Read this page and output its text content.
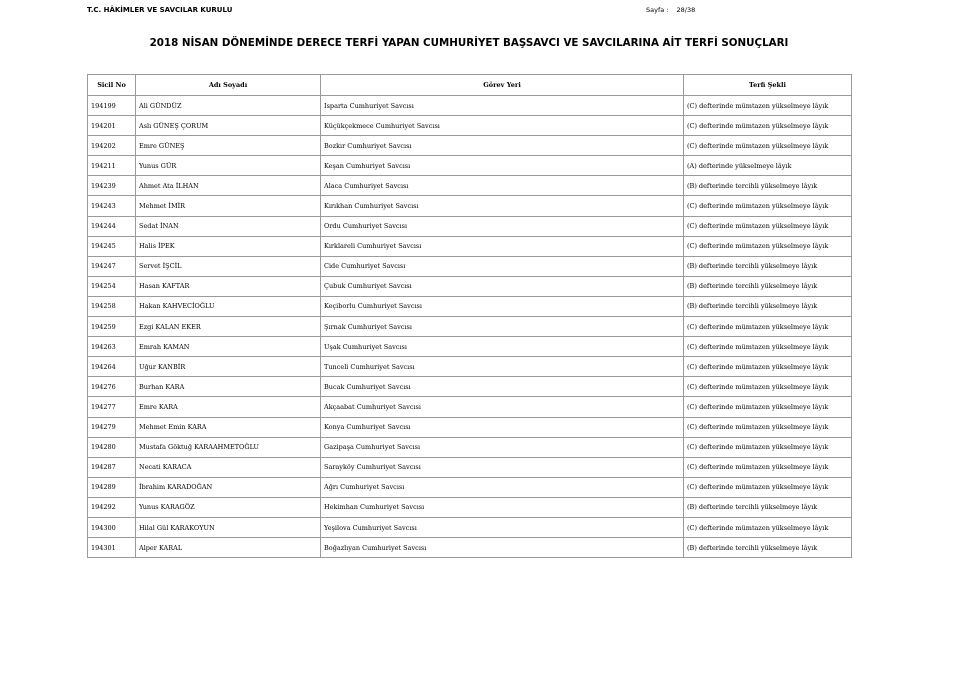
T.C. HÂKİMLER VE SAVCILAR KURULU	Sayfa : 28/38
2018 NİSAN DÖNEMİNDE DERECE TERFİ YAPAN CUMHURİYET BAŞSAVCI VE SAVCILARINA AİT TERFİ SONUÇLARI
Sicil No	Adı Soyadı	Görev Yeri	Terfi Şekli
194199	Ali GÜNDÜZ	Isparta Cumhuriyet Savcısı	(C) defterinde mümtazen yükselmeye lâyık
194201	Aslı GÜNEŞ ÇORUM	Küçükçekmece Cumhuriyet Savcısı	(C) defterinde mümtazen yükselmeye lâyık
194202	Emre GÜNEŞ	Bozkır Cumhuriyet Savcısı	(C) defterinde mümtazen yükselmeye lâyık
194211	Yunus GÜR	Keşan Cumhuriyet Savcısı	(A) defterinde yükselmeye lâyık
194239	Ahmet Ata İLHAN	Alaca Cumhuriyet Savcısı	(B) defterinde tercihli yükselmeye lâyık
194243	Mehmet İMİR	Kırıkhan Cumhuriyet Savcısı	(C) defterinde mümtazen yükselmeye lâyık
194244	Sedat İNAN	Ordu Cumhuriyet Savcısı	(C) defterinde mümtazen yükselmeye lâyık
194245	Halis İPEK	Kırklareli Cumhuriyet Savcısı	(C) defterinde mümtazen yükselmeye lâyık
194247	Servet İŞCİL	Cide Cumhuriyet Savcısı	(B) defterinde tercihli yükselmeye lâyık
194254	Hasan KAFTAR	Çubuk Cumhuriyet Savcısı	(B) defterinde tercihli yükselmeye lâyık
194258	Hakan KAHVECİOĞLU	Keçiborlu Cumhuriyet Savcısı	(B) defterinde tercihli yükselmeye lâyık
194259	Ezgi KALAN EKER	Şırnak Cumhuriyet Savcısı	(C) defterinde mümtazen yükselmeye lâyık
194263	Emrah KAMAN	Uşak Cumhuriyet Savcısı	(C) defterinde mümtazen yükselmeye lâyık
194264	Uğur KANBİR	Tunceli Cumhuriyet Savcısı	(C) defterinde mümtazen yükselmeye lâyık
194276	Burhan KARA	Bucak Cumhuriyet Savcısı	(C) defterinde mümtazen yükselmeye lâyık
194277	Emre KARA	Akçaabat Cumhuriyet Savcısı	(C) defterinde mümtazen yükselmeye lâyık
194279	Mehmet Emin KARA	Konya Cumhuriyet Savcısı	(C) defterinde mümtazen yükselmeye lâyık
194280	Mustafa Göktuğ KARAAHMETOĞLU	Gazipaşa Cumhuriyet Savcısı	(C) defterinde mümtazen yükselmeye lâyık
194287	Necati KARACA	Sarayköy Cumhuriyet Savcısı	(C) defterinde mümtazen yükselmeye lâyık
194289	İbrahim KARADOĞAN	Ağrı Cumhuriyet Savcısı	(C) defterinde mümtazen yükselmeye lâyık
194292	Yunus KARAGÖZ	Hekimhan Cumhuriyet Savcısı	(B) defterinde tercihli yükselmeye lâyık
194300	Hilal Gül KARAKOYUN	Yeşilova Cumhuriyet Savcısı	(C) defterinde mümtazen yükselmeye lâyık
194301	Alper KARAL	Boğazlıyan Cumhuriyet Savcısı	(B) defterinde tercihli yükselmeye lâyık
